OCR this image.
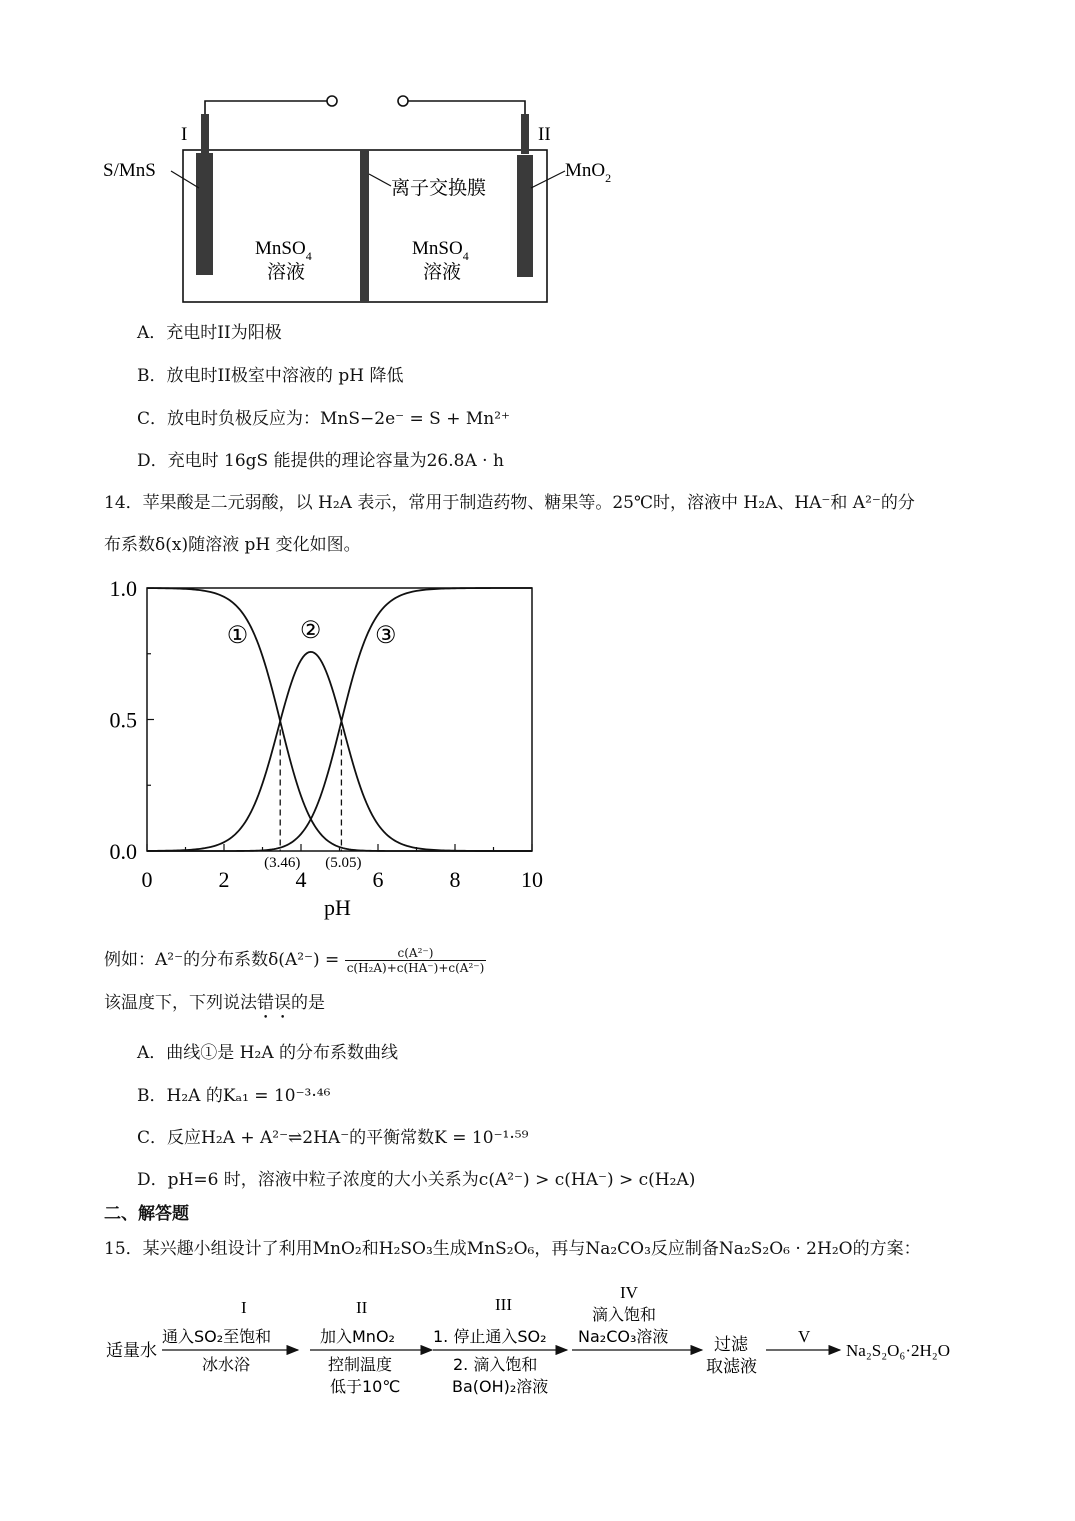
I	II
S/MnS
离子交换膜
MnO$_2$
MnSO$_4$
溶液
MnSO$_4$
溶液
A．充电时II为阳极
B．放电时II极室中溶液的 pH 降低
C．放电时负极反应为：MnS−2e⁻ = S + Mn²⁺
D．充电时 16gS 能提供的理论容量为26.8A · h
14．苹果酸是二元弱酸，以 H₂A 表示，常用于制造药物、糖果等。25℃时，溶液中 H₂A、HA⁻和 A²⁻的分
布系数δ(x)随溶液 pH 变化如图。
0	2	4	6	8	10
0.0
0.5
1.0
pH
(3.46) (5.05)
① ② ③
例如：A²⁻的分布系数$\delta(A^{2-}) = \frac{\text{c(A²⁻)}}{\text{c(H₂A)+c(HA⁻)+c(A²⁻)}}$
该温度下，下列说法错误的是
A．曲线①是 H₂A 的分布系数曲线
B．H₂A 的Kₐ₁ = 10⁻³·⁴⁶
C．反应H₂A + A²⁻⇌2HA⁻的平衡常数K = 10⁻¹·⁵⁹
D．pH=6 时，溶液中粒子浓度的大小关系为c(A²⁻) > c(HA⁻) > c(H₂A)
二、解答题
15．某兴趣小组设计了利用MnO₂和H₂SO₃生成MnS₂O₆，再与Na₂CO₃反应制备Na₂S₂O₆ · 2H₂O的方案：
适量水
I
通入SO₂至饱和
冰水浴
II
加入MnO₂
控制温度
低于10℃
III
1. 停止通入SO₂
2. 滴入饱和
Ba(OH)₂溶液
IV
滴入饱和
Na₂CO₃溶液	过滤
取滤液
V
Na₂S₂O₆·2H₂O
